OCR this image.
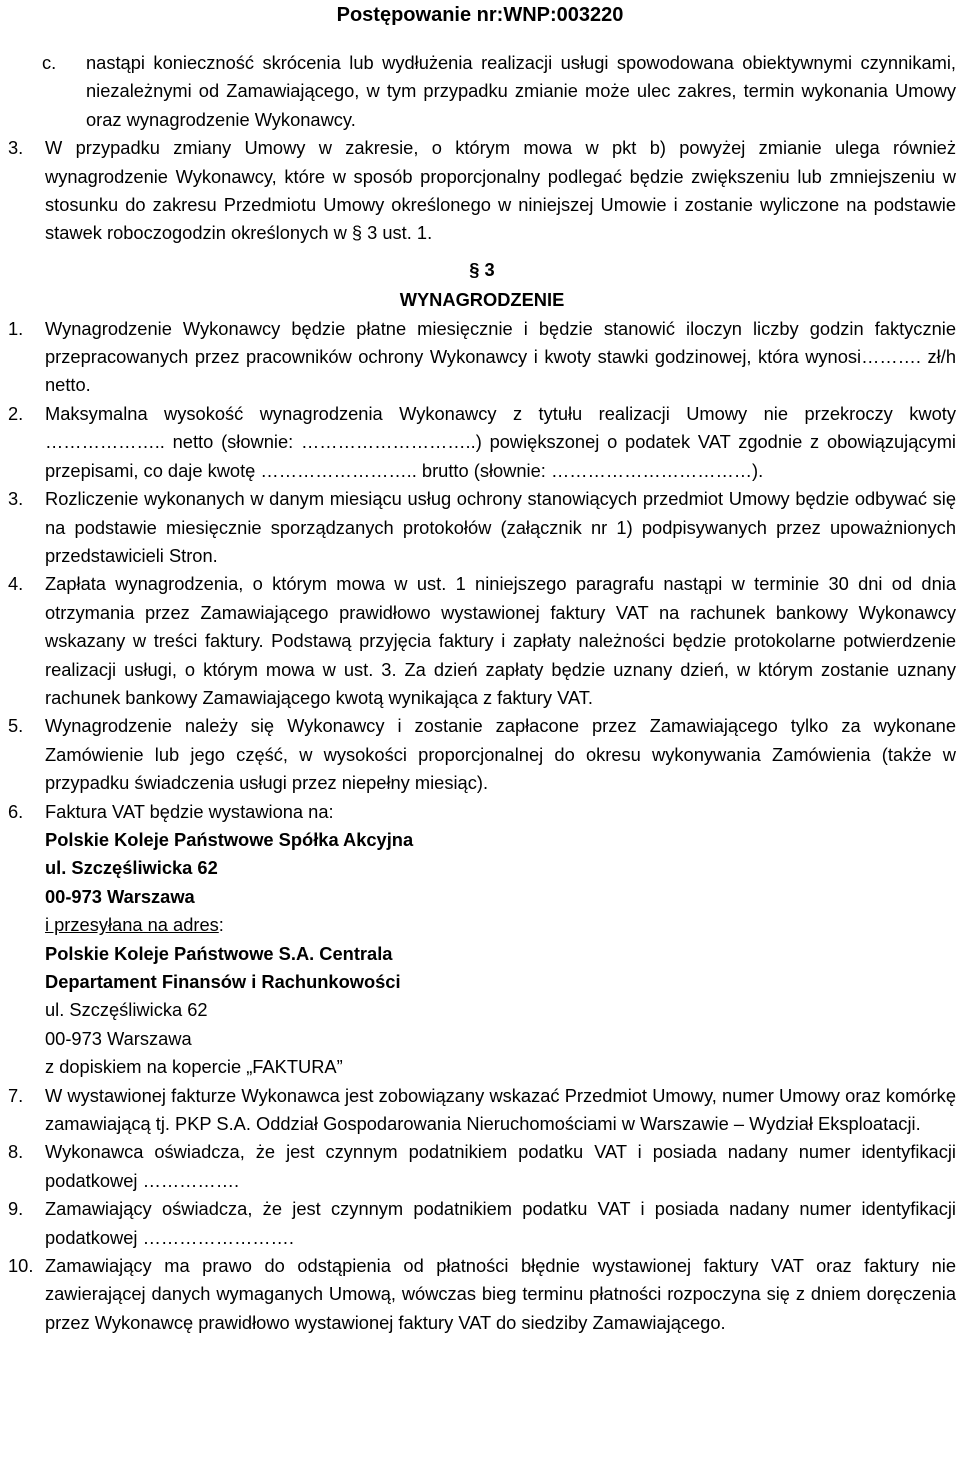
Postępowanie nr:WNP:003220

c. nastąpi konieczność skrócenia lub wydłużenia realizacji usługi spowodowana obiektywnymi czynnikami, niezależnymi od Zamawiającego, w tym przypadku zmianie może ulec zakres, termin wykonania Umowy oraz wynagrodzenie Wykonawcy.

3. W przypadku zmiany Umowy w zakresie, o którym mowa w pkt b) powyżej zmianie ulega również wynagrodzenie Wykonawcy, które w sposób proporcjonalny podlegać będzie zwiększeniu lub zmniejszeniu w stosunku do zakresu Przedmiotu Umowy określonego w niniejszej Umowie i zostanie wyliczone na podstawie stawek roboczogodzin określonych w § 3 ust. 1.

§ 3

WYNAGRODZENIE

1. Wynagrodzenie Wykonawcy będzie płatne miesięcznie i będzie stanowić iloczyn liczby godzin faktycznie przepracowanych przez pracowników ochrony Wykonawcy i kwoty stawki godzinowej, która wynosi………. zł/h netto.

2. Maksymalna wysokość wynagrodzenia Wykonawcy z tytułu realizacji Umowy nie przekroczy kwoty ……………….. netto (słownie: ………………………..) powiększonej o podatek VAT zgodnie z obowiązującymi przepisami, co daje kwotę …………………….. brutto (słownie: ……………………………).

3. Rozliczenie wykonanych w danym miesiącu usług ochrony stanowiących przedmiot Umowy będzie odbywać się na podstawie miesięcznie sporządzanych protokołów (załącznik nr 1) podpisywanych przez upoważnionych przedstawicieli Stron.

4. Zapłata wynagrodzenia, o którym mowa w ust. 1 niniejszego paragrafu nastąpi w terminie 30 dni od dnia otrzymania przez Zamawiającego prawidłowo wystawionej faktury VAT na rachunek bankowy Wykonawcy wskazany w treści faktury. Podstawą przyjęcia faktury i zapłaty należności będzie protokolarne potwierdzenie realizacji usługi, o którym mowa w ust. 3. Za dzień zapłaty będzie uznany dzień, w którym zostanie uznany rachunek bankowy Zamawiającego kwotą wynikająca z faktury VAT.

5. Wynagrodzenie należy się Wykonawcy i zostanie zapłacone przez Zamawiającego tylko za wykonane Zamówienie lub jego część, w wysokości proporcjonalnej do okresu wykonywania Zamówienia (także w przypadku świadczenia usługi przez niepełny miesiąc).

6. Faktura VAT będzie wystawiona na:

Polskie Koleje Państwowe Spółka Akcyjna

ul. Szczęśliwicka 62

00-973 Warszawa

i przesyłana na adres:

Polskie Koleje Państwowe S.A. Centrala

Departament Finansów i Rachunkowości

ul. Szczęśliwicka 62

00-973 Warszawa

z dopiskiem na kopercie „FAKTURA”

7. W wystawionej fakturze Wykonawca jest zobowiązany wskazać Przedmiot Umowy, numer Umowy oraz komórkę zamawiającą tj. PKP S.A. Oddział Gospodarowania Nieruchomościami w Warszawie – Wydział Eksploatacji.

8. Wykonawca oświadcza, że jest czynnym podatnikiem podatku VAT i posiada nadany numer identyfikacji podatkowej …………….

9. Zamawiający oświadcza, że jest czynnym podatnikiem podatku VAT i posiada nadany numer identyfikacji podatkowej …………………….

10. Zamawiający ma prawo do odstąpienia od płatności błędnie wystawionej faktury VAT oraz faktury nie zawierającej danych wymaganych Umową, wówczas bieg terminu płatności rozpoczyna się z dniem doręczenia przez Wykonawcę prawidłowo wystawionej faktury VAT do siedziby Zamawiającego.
